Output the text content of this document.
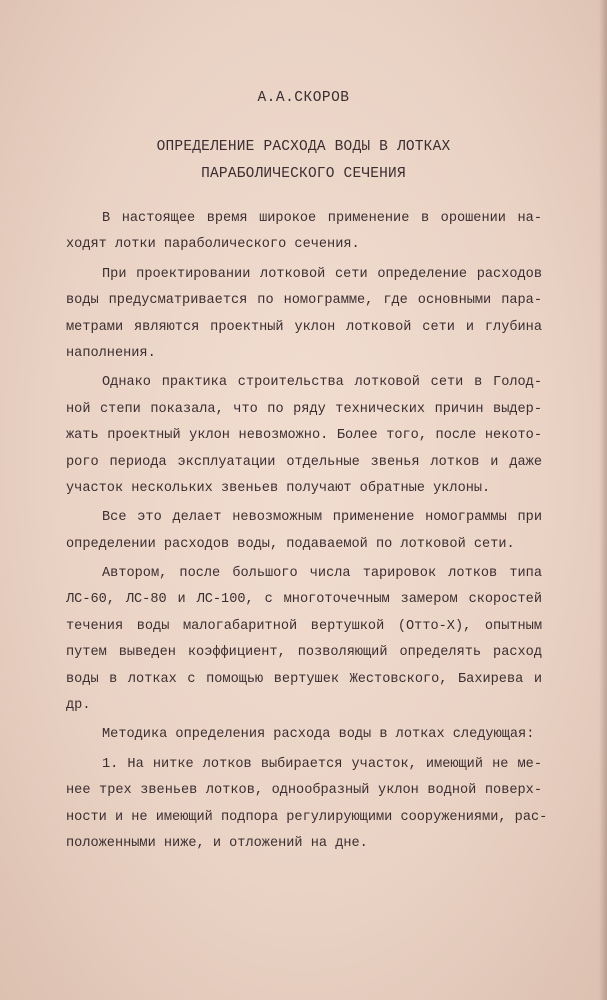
А.А.СКОРОВ
ОПРЕДЕЛЕНИЕ РАСХОДА ВОДЫ В ЛОТКАХ
ПАРАБОЛИЧЕСКОГО СЕЧЕНИЯ
В настоящее время широкое применение в орошении на-
ходят лотки параболического сечения.
При проектировании лотковой сети определение расходов
воды предусматривается по номограмме, где основными пара-
метрами являются проектный уклон лотковой сети и глубина
наполнения.
Однако практика строительства лотковой сети в Голод-
ной степи показала, что по ряду технических причин выдер-
жать проектный уклон невозможно. Более того, после некото-
рого периода эксплуатации отдельные звенья лотков и даже
участок нескольких звеньев получают обратные уклоны.
Все это делает невозможным применение номограммы при
определении расходов воды, подаваемой по лотковой сети.
Автором, после большого числа тарировок лотков типа
ЛС-60, ЛС-80 и ЛС-100, с многоточечным замером скоростей
течения воды малогабаритной вертушкой (Отто-Х), опытным
путем выведен коэффициент, позволяющий определять расход
воды в лотках с помощью вертушек Жестовского, Бахирева и
др.
Методика определения расхода воды в лотках следующая:
1. На нитке лотков выбирается участок, имеющий не ме-
нее трех звеньев лотков, однообразный уклон водной поверх-
ности и не имеющий подпора регулирующими сооружениями, рас-
положенными ниже, и отложений на дне.
